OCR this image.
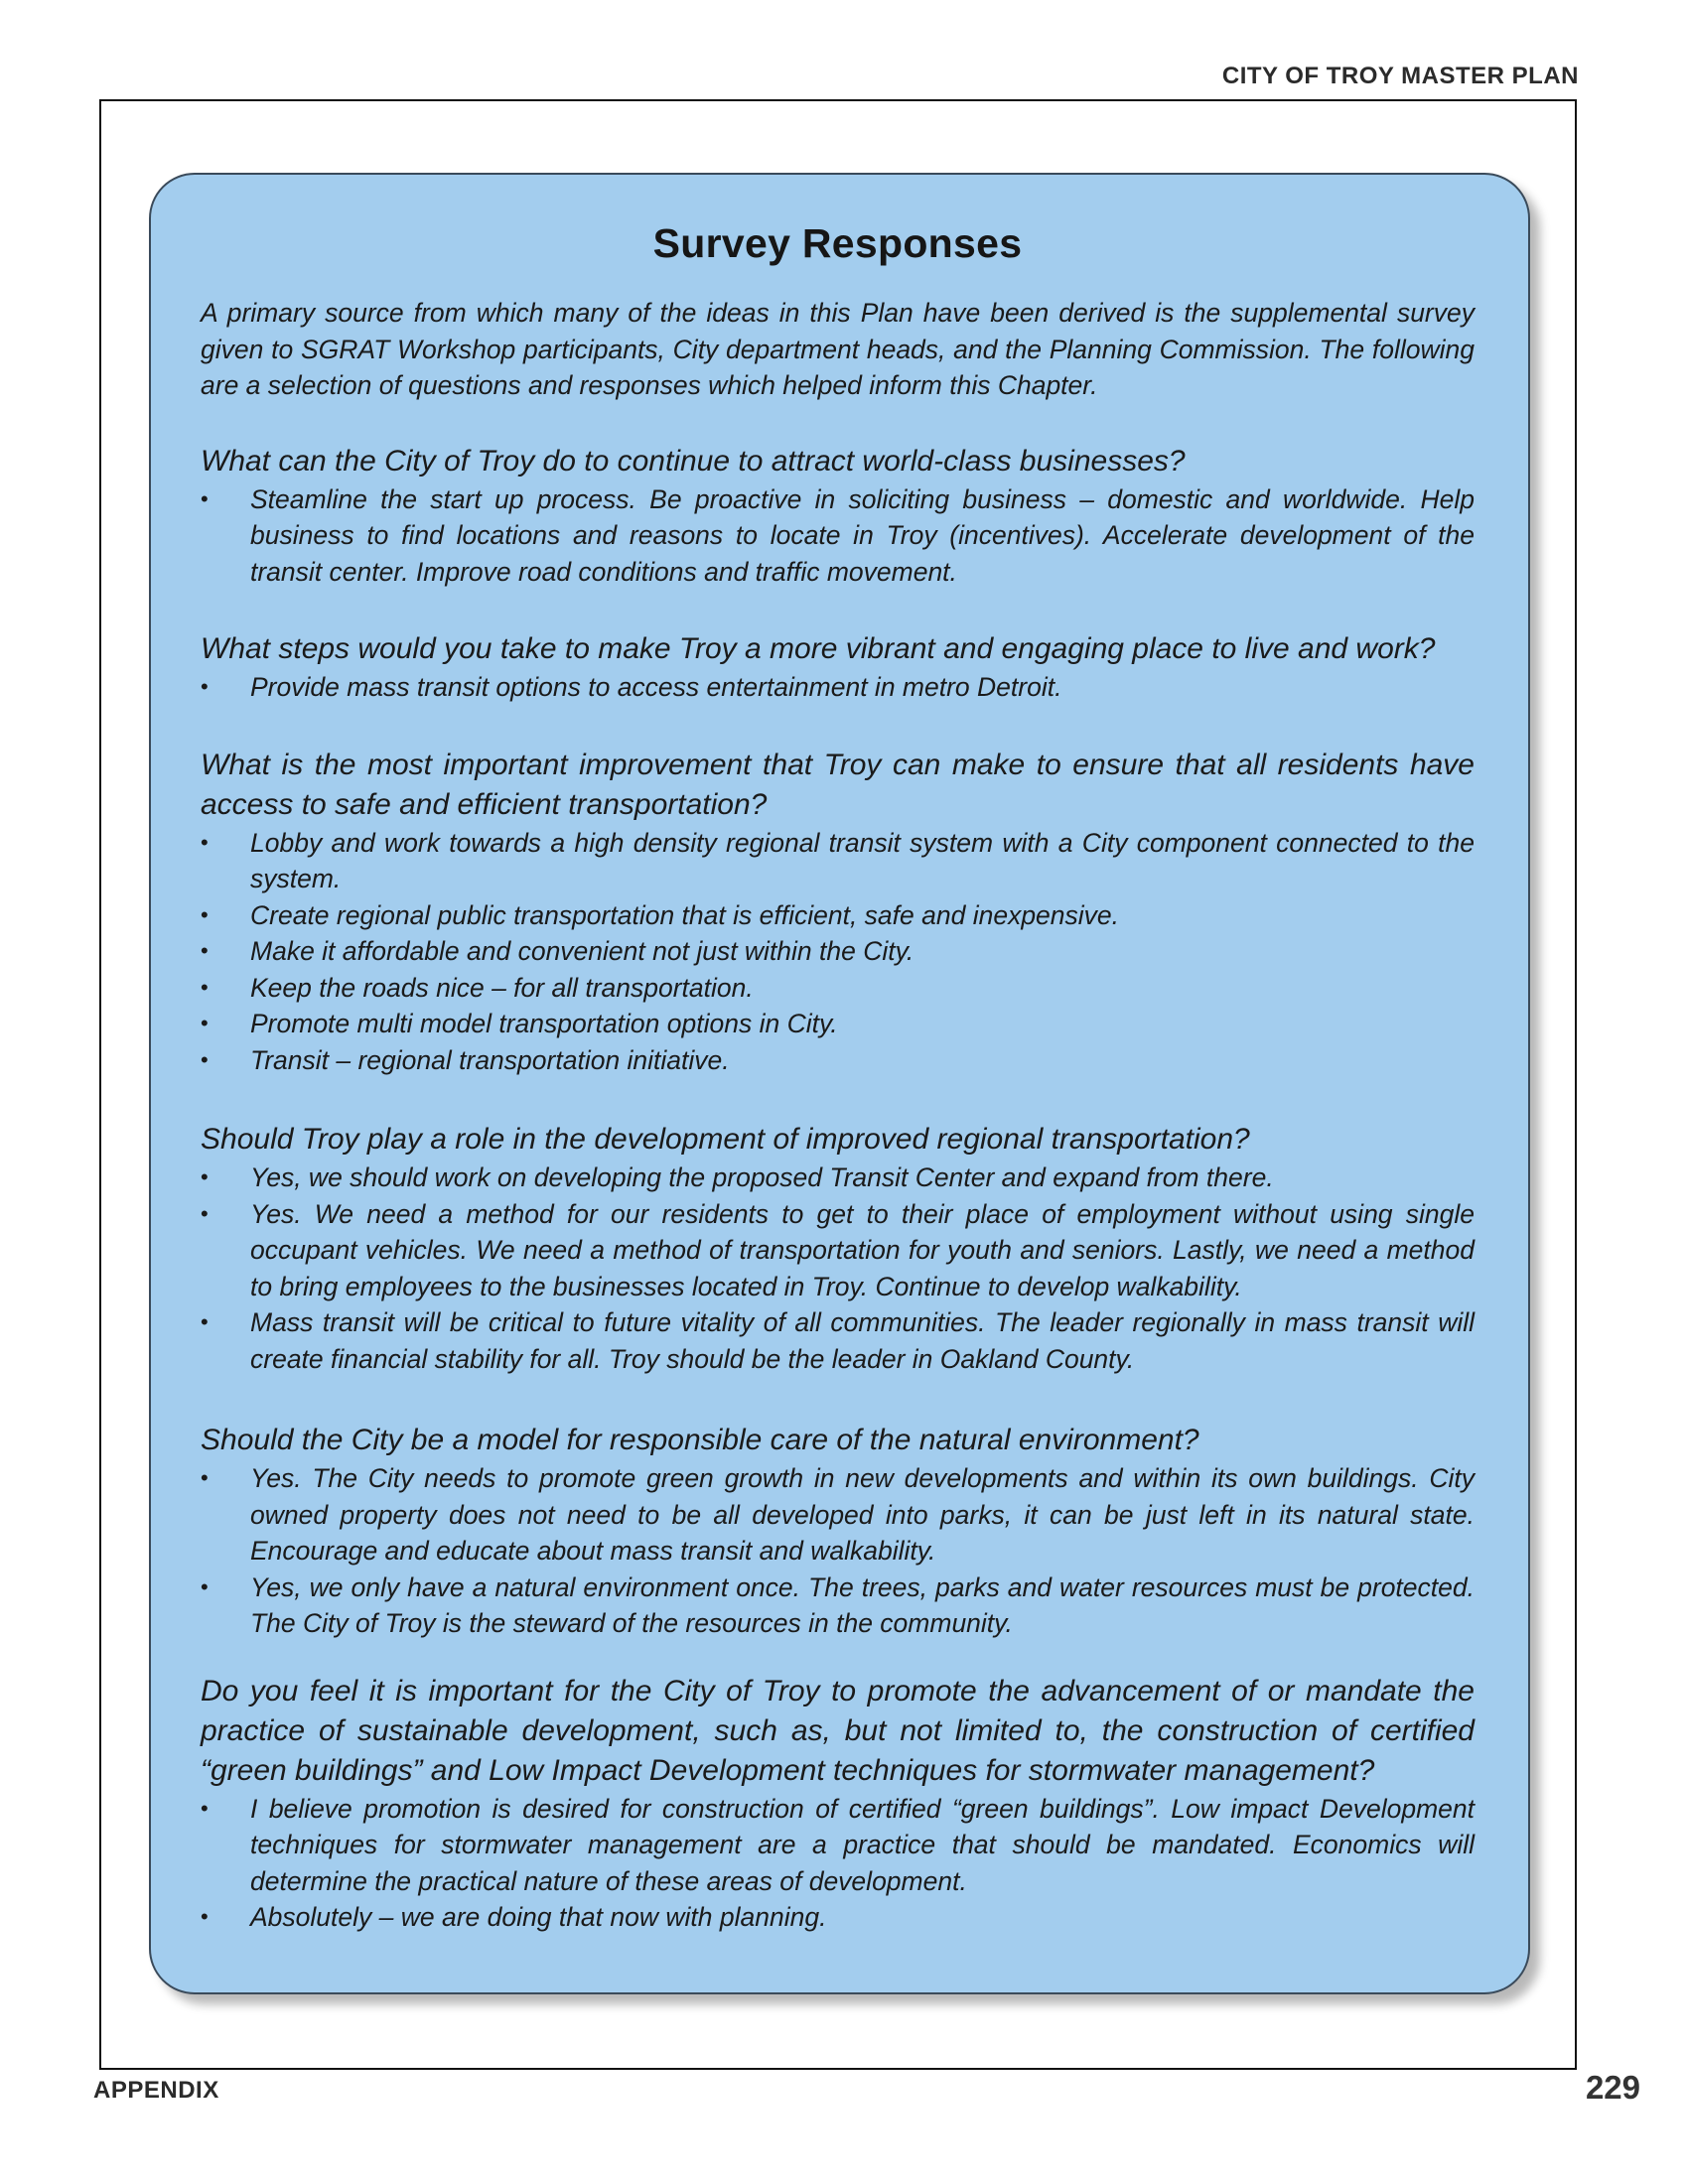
CITY OF TROY MASTER PLAN
Survey Responses

A primary source from which many of the ideas in this Plan have been derived is the supplemental survey given to SGRAT Workshop participants, City department heads, and the Planning Commission. The following are a selection of questions and responses which helped inform this Chapter.

What can the City of Troy do to continue to attract world-class businesses?

• Steamline the start up process. Be proactive in soliciting business – domestic and worldwide. Help business to find locations and reasons to locate in Troy (incentives). Accelerate development of the transit center. Improve road conditions and traffic movement.

What steps would you take to make Troy a more vibrant and engaging place to live and work?

• Provide mass transit options to access entertainment in metro Detroit.

What is the most important improvement that Troy can make to ensure that all residents have access to safe and efficient transportation?

• Lobby and work towards a high density regional transit system with a City component connected to the system.
• Create regional public transportation that is efficient, safe and inexpensive.
• Make it affordable and convenient not just within the City.
• Keep the roads nice – for all transportation.
• Promote multi model transportation options in City.
• Transit – regional transportation initiative.

Should Troy play a role in the development of improved regional transportation?

• Yes, we should work on developing the proposed Transit Center and expand from there.
• Yes. We need a method for our residents to get to their place of employment without using single occupant vehicles. We need a method of transportation for youth and seniors. Lastly, we need a method to bring employees to the businesses located in Troy. Continue to develop walkability.
• Mass transit will be critical to future vitality of all communities. The leader regionally in mass transit will create financial stability for all. Troy should be the leader in Oakland County.

Should the City be a model for responsible care of the natural environment?

• Yes. The City needs to promote green growth in new developments and within its own buildings. City owned property does not need to be all developed into parks, it can be just left in its natural state. Encourage and educate about mass transit and walkability.
• Yes, we only have a natural environment once. The trees, parks and water resources must be protected. The City of Troy is the steward of the resources in the community.

Do you feel it is important for the City of Troy to promote the advancement of or mandate the practice of sustainable development, such as, but not limited to, the construction of certified “green buildings” and Low Impact Development techniques for stormwater management?

• I believe promotion is desired for construction of certified “green buildings”. Low impact Development techniques for stormwater management are a practice that should be mandated. Economics will determine the practical nature of these areas of development.
• Absolutely – we are doing that now with planning.
APPENDIX	229
